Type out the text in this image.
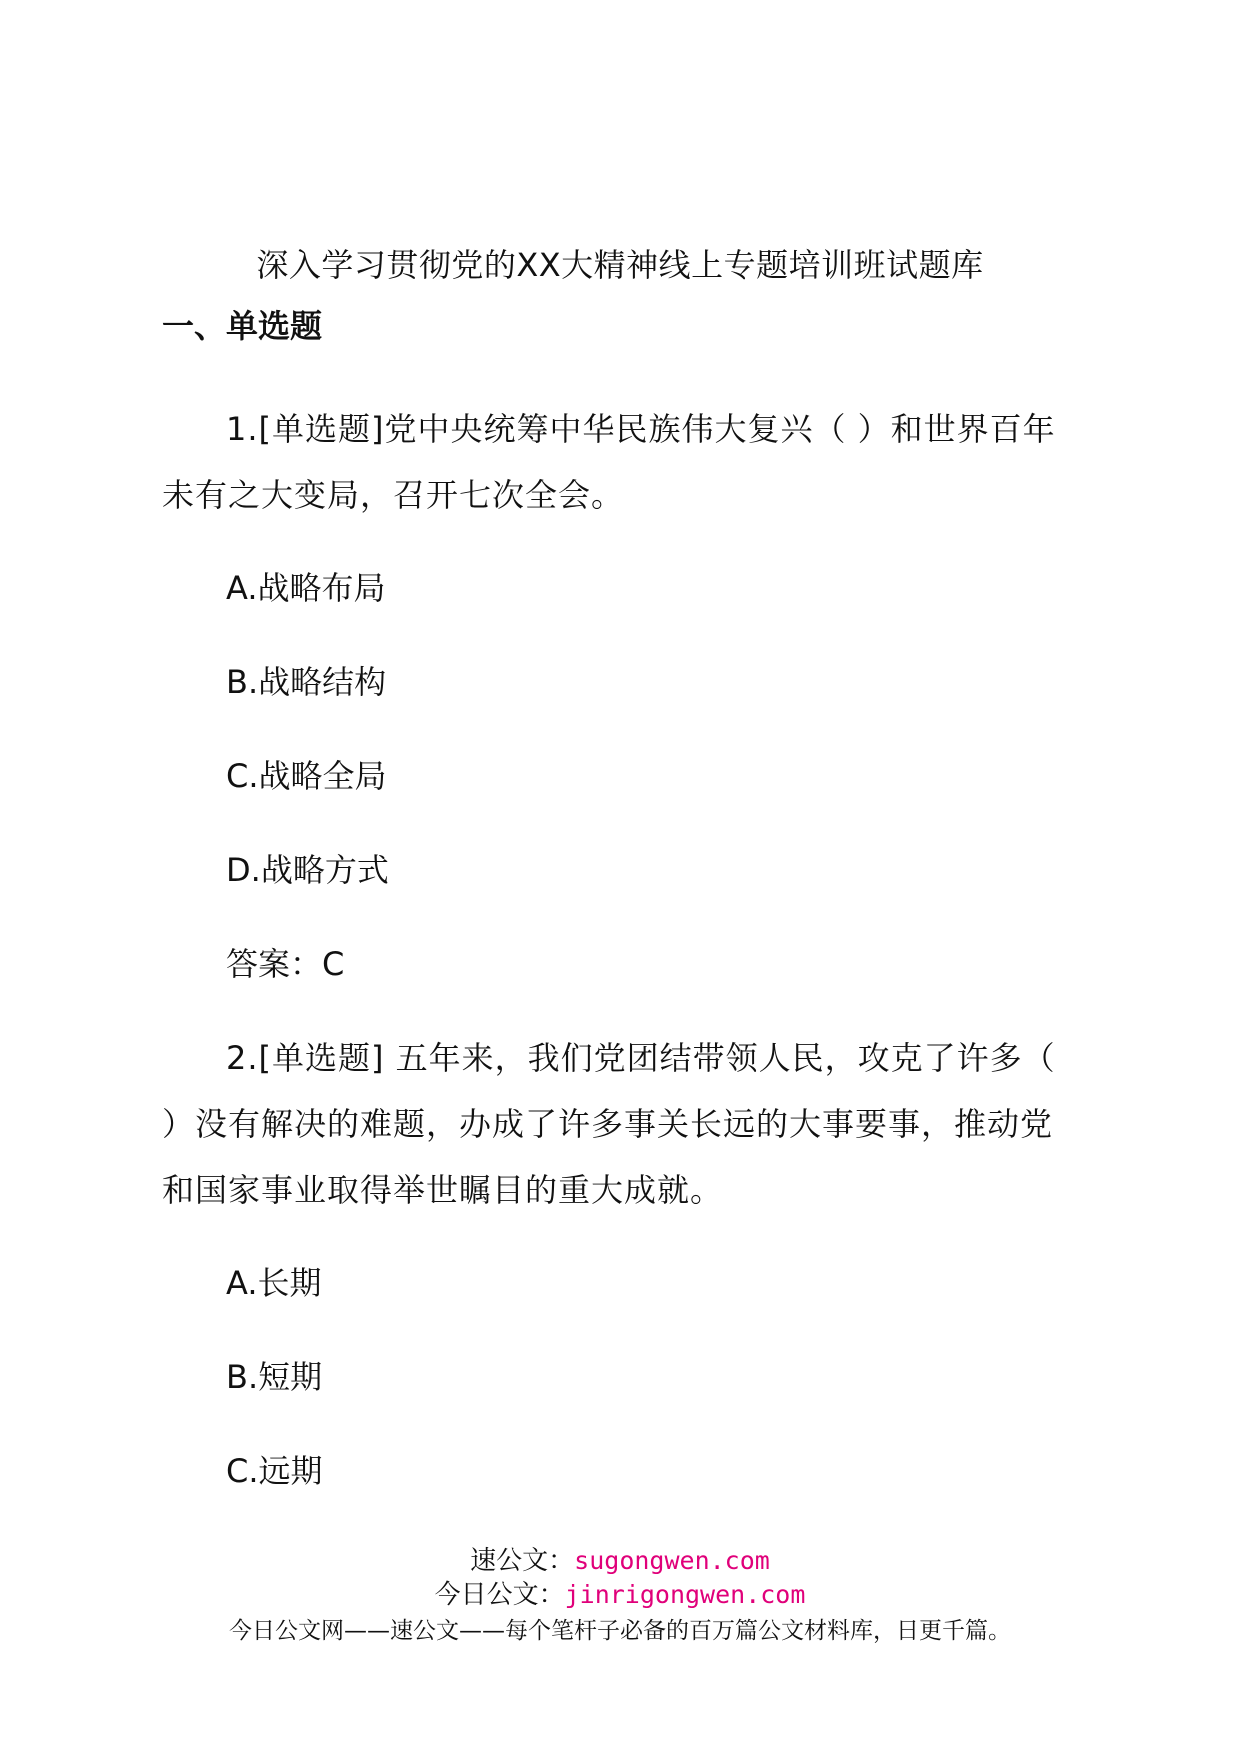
深入学习贯彻党的XX大精神线上专题培训班试题库
一、单选题

1.[单选题]党中央统筹中华民族伟大复兴（ ）和世界百年未有之大变局，召开七次全会。

A.战略布局

B.战略结构

C.战略全局

D.战略方式

答案：C

2.[单选题] 五年来，我们党团结带领人民，攻克了许多（ ）没有解决的难题，办成了许多事关长远的大事要事，推动党和国家事业取得举世瞩目的重大成就。

A.长期

B.短期

C.远期

速公文：sugongwen.com
今日公文：jinrigongwen.com
今日公文网——速公文——每个笔杆子必备的百万篇公文材料库，日更千篇。
